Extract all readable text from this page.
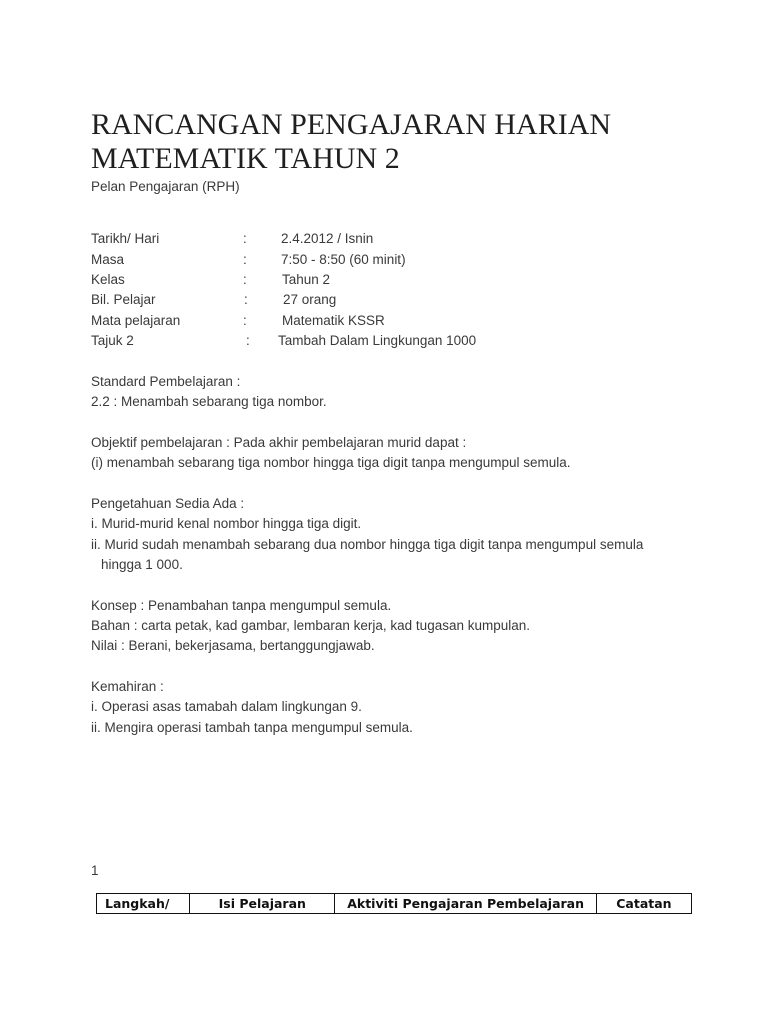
RANCANGAN PENGAJARAN HARIAN
MATEMATIK TAHUN 2
Pelan Pengajaran (RPH)
Tarikh/ Hari	:	2.4.2012 / Isnin
Masa	:	7:50 - 8:50 (60 minit)
Kelas	:	Tahun 2
Bil. Pelajar	:	27 orang
Mata pelajaran	:	Matematik KSSR
Tajuk 2	: Tambah Dalam Lingkungan 1000
Standard Pembelajaran :
2.2 : Menambah sebarang tiga nombor.
Objektif pembelajaran : Pada akhir pembelajaran murid dapat :
(i) menambah sebarang tiga nombor hingga tiga digit tanpa mengumpul semula.
Pengetahuan Sedia Ada :
i. Murid-murid kenal nombor hingga tiga digit.
ii. Murid sudah menambah sebarang dua nombor hingga tiga digit tanpa mengumpul semula
hingga 1 000.
Konsep : Penambahan tanpa mengumpul semula.
Bahan : carta petak, kad gambar, lembaran kerja, kad tugasan kumpulan.
Nilai : Berani, bekerjasama, bertanggungjawab.
Kemahiran :
i. Operasi asas tamabah dalam lingkungan 9.
ii. Mengira operasi tambah tanpa mengumpul semula.
1
Langkah/	Isi Pelajaran	Aktiviti Pengajaran Pembelajaran	Catatan
